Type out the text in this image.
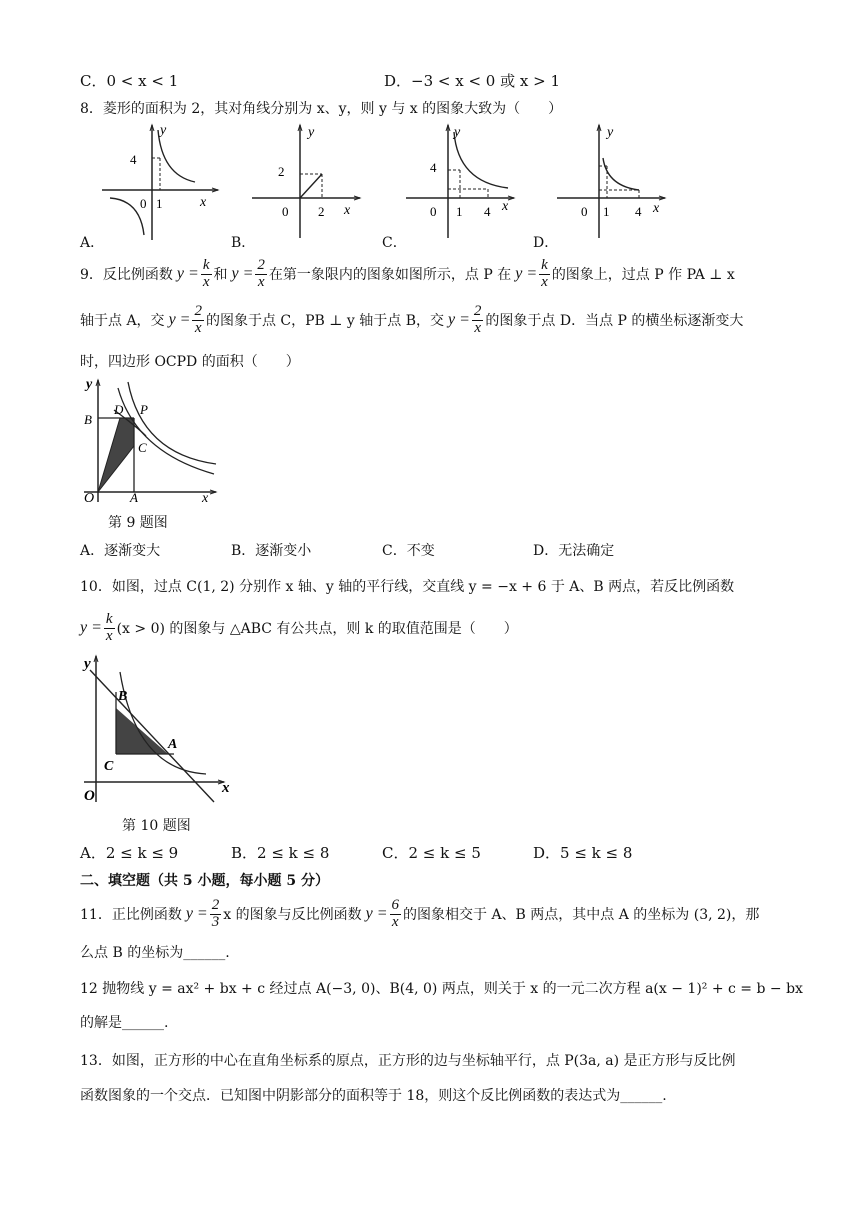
C．0 < x < 1	D．−3 < x < 0 或 x > 1
8．菱形的面积为 2，其对角线分别为 x、y，则 y 与 x 的图象大致为（　　）
y
x
4
0 1
A．
y
x
2
0 2
B．
y
x
4
0 1 4
C．
y
x
0 1 4
D．
9．反比例函数 $y = \frac{k}{x}$ 和 $y = \frac{2}{x}$ 在第一象限内的图象如图所示，点 P 在 $y = \frac{k}{x}$ 的图象上，过点 P 作 PA ⊥ x
轴于点 A，交 $y = \frac{2}{x}$ 的图象于点 C，PB ⊥ y 轴于点 B，交 $y = \frac{2}{x}$ 的图象于点 D．当点 P 的横坐标逐渐变大
时，四边形 OCPD 的面积（　　）
y
x
O	A
B
C
D P
第 9 题图
A．逐渐变大	B．逐渐变小	C．不变	D．无法确定
10．如图，过点 C(1, 2) 分别作 x 轴、y 轴的平行线，交直线 y = −x + 6 于 A、B 两点，若反比例函数
$y = \frac{k}{x} (x > 0)$ 的图象与 △ABC 有公共点，则 k 的取值范围是（　　）
y
x
O
A
B
C
第 10 题图
A．2 ≤ k ≤ 9	B．2 ≤ k ≤ 8	C．2 ≤ k ≤ 5	D．5 ≤ k ≤ 8
二、填空题（共 5 小题，每小题 5 分）
11．正比例函数 $y = \frac{2}{3}$ x 的图象与反比例函数 $y = \frac{6}{x}$ 的图象相交于 A、B 两点，其中点 A 的坐标为 (3, 2)，那
么点 B 的坐标为______.
12 抛物线 y = ax² + bx + c 经过点 A(−3, 0)、B(4, 0) 两点，则关于 x 的一元二次方程 a(x − 1)² + c = b − bx
的解是______.
13．如图，正方形的中心在直角坐标系的原点，正方形的边与坐标轴平行，点 P(3a, a) 是正方形与反比例
函数图象的一个交点．已知图中阴影部分的面积等于 18，则这个反比例函数的表达式为______.
